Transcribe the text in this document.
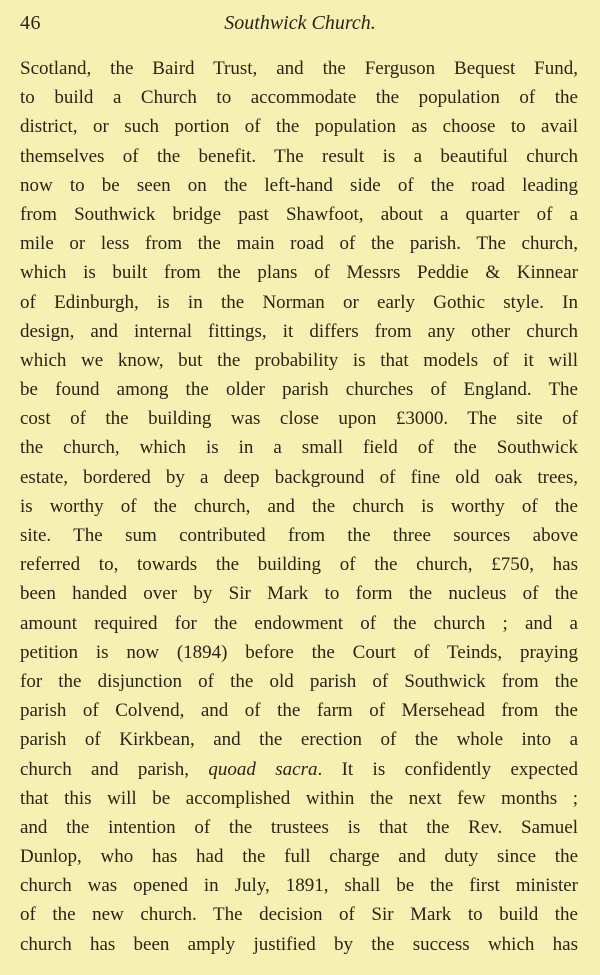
46	Southwick Church.
Scotland, the Baird Trust, and the Ferguson Bequest Fund,
to build a Church to accommodate the population of the
district, or such portion of the population as choose to avail
themselves of the benefit. The result is a beautiful church
now to be seen on the left-hand side of the road leading
from Southwick bridge past Shawfoot, about a quarter of a
mile or less from the main road of the parish. The church,
which is built from the plans of Messrs Peddie & Kinnear
of Edinburgh, is in the Norman or early Gothic style. In
design, and internal fittings, it differs from any other church
which we know, but the probability is that models of it will
be found among the older parish churches of England. The
cost of the building was close upon £3000. The site of
the church, which is in a small field of the Southwick
estate, bordered by a deep background of fine old oak trees,
is worthy of the church, and the church is worthy of the
site. The sum contributed from the three sources above
referred to, towards the building of the church, £750, has
been handed over by Sir Mark to form the nucleus of the
amount required for the endowment of the church ; and a
petition is now (1894) before the Court of Teinds, praying
for the disjunction of the old parish of Southwick from the
parish of Colvend, and of the farm of Mersehead from the
parish of Kirkbean, and the erection of the whole into a
church and parish, quoad sacra. It is confidently expected
that this will be accomplished within the next few months ;
and the intention of the trustees is that the Rev. Samuel
Dunlop, who has had the full charge and duty since the
church was opened in July, 1891, shall be the first minister
of the new church. The decision of Sir Mark to build the
church has been amply justified by the success which has
